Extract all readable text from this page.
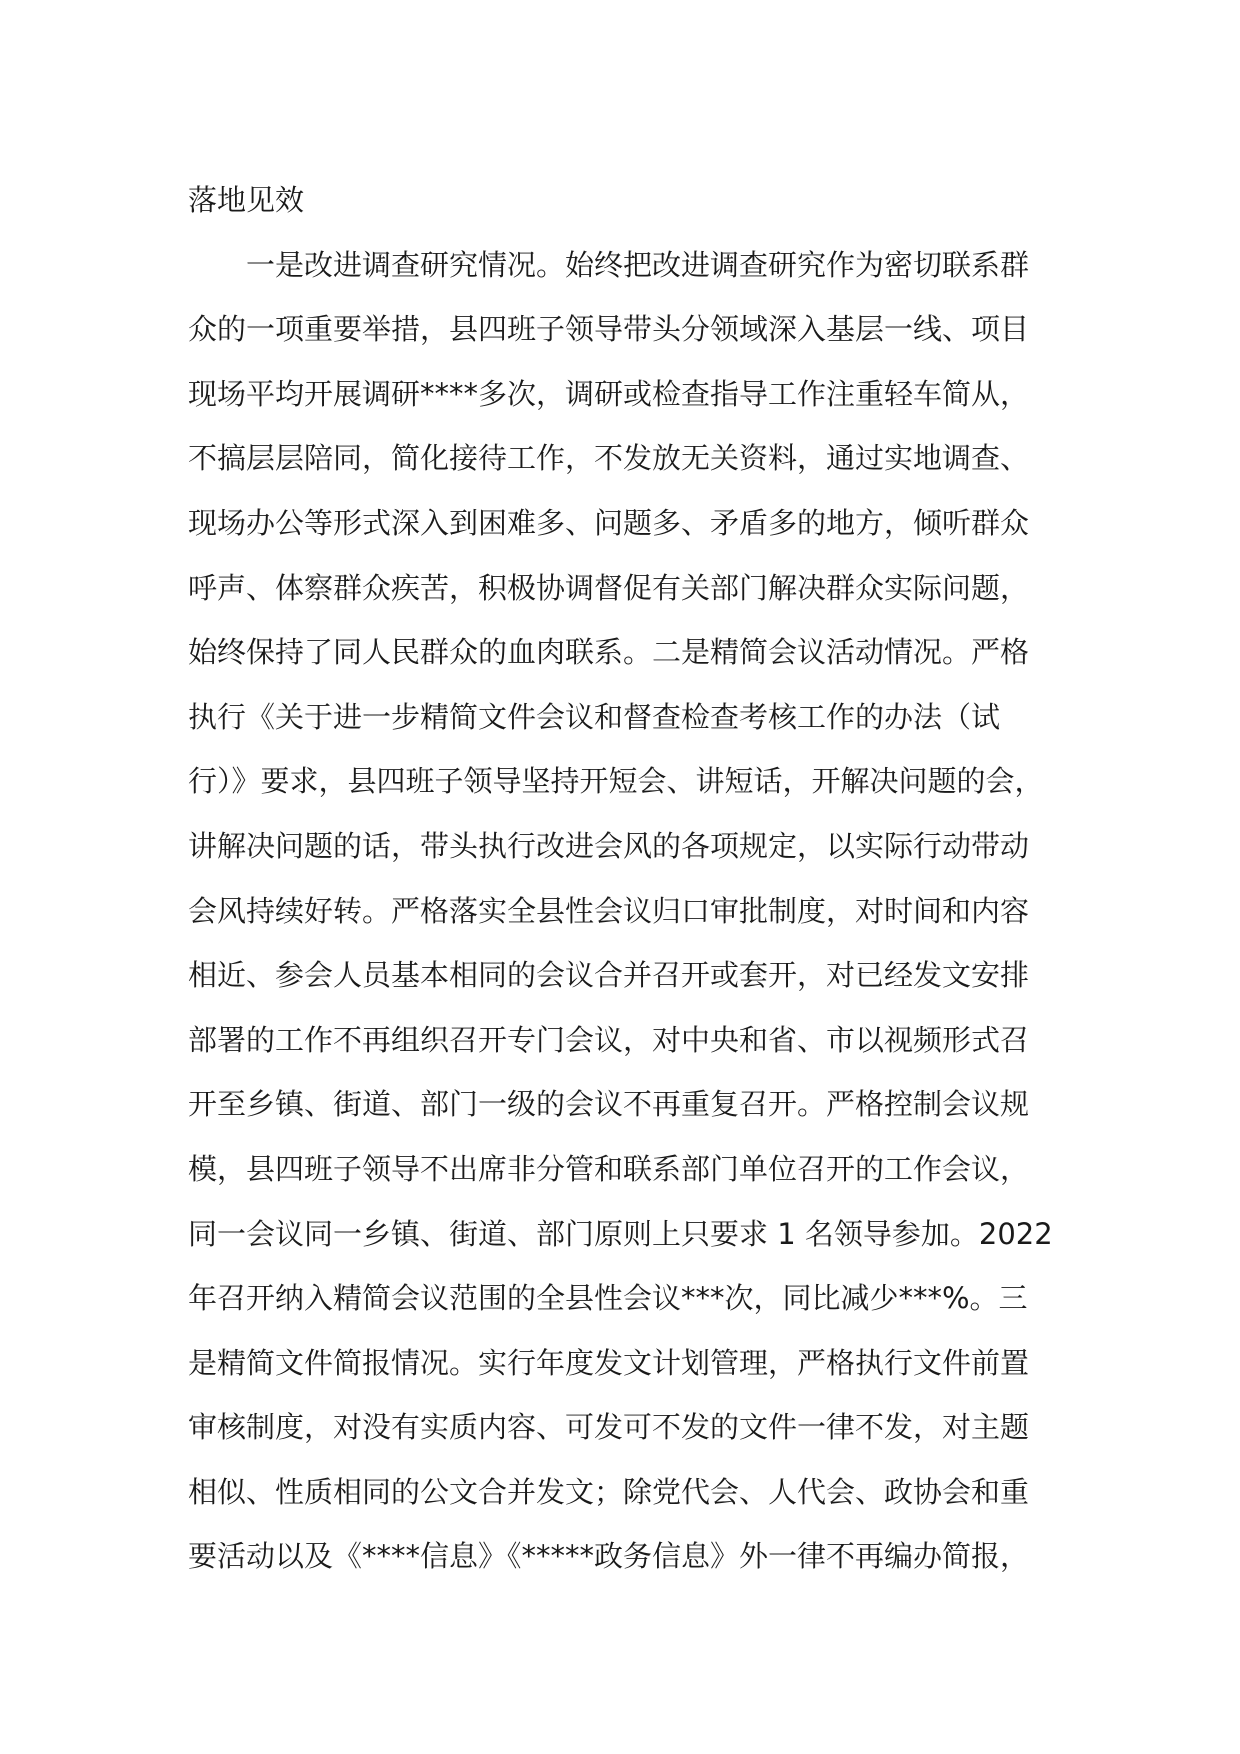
落地见效
一是改进调查研究情况。始终把改进调查研究作为密切联系群
众的一项重要举措，县四班子领导带头分领域深入基层一线、项目
现场平均开展调研****多次，调研或检查指导工作注重轻车简从，
不搞层层陪同，简化接待工作，不发放无关资料，通过实地调查、
现场办公等形式深入到困难多、问题多、矛盾多的地方，倾听群众
呼声、体察群众疾苦，积极协调督促有关部门解决群众实际问题，
始终保持了同人民群众的血肉联系。二是精简会议活动情况。严格
执行《关于进一步精简文件会议和督查检查考核工作的办法（试
行）》要求，县四班子领导坚持开短会、讲短话，开解决问题的会，
讲解决问题的话，带头执行改进会风的各项规定，以实际行动带动
会风持续好转。严格落实全县性会议归口审批制度，对时间和内容
相近、参会人员基本相同的会议合并召开或套开，对已经发文安排
部署的工作不再组织召开专门会议，对中央和省、市以视频形式召
开至乡镇、街道、部门一级的会议不再重复召开。严格控制会议规
模，县四班子领导不出席非分管和联系部门单位召开的工作会议，
同一会议同一乡镇、街道、部门原则上只要求 1 名领导参加。2022
年召开纳入精简会议范围的全县性会议***次，同比减少***%。三
是精简文件简报情况。实行年度发文计划管理，严格执行文件前置
审核制度，对没有实质内容、可发可不发的文件一律不发，对主题
相似、性质相同的公文合并发文；除党代会、人代会、政协会和重
要活动以及《****信息》《*****政务信息》外一律不再编办简报，
